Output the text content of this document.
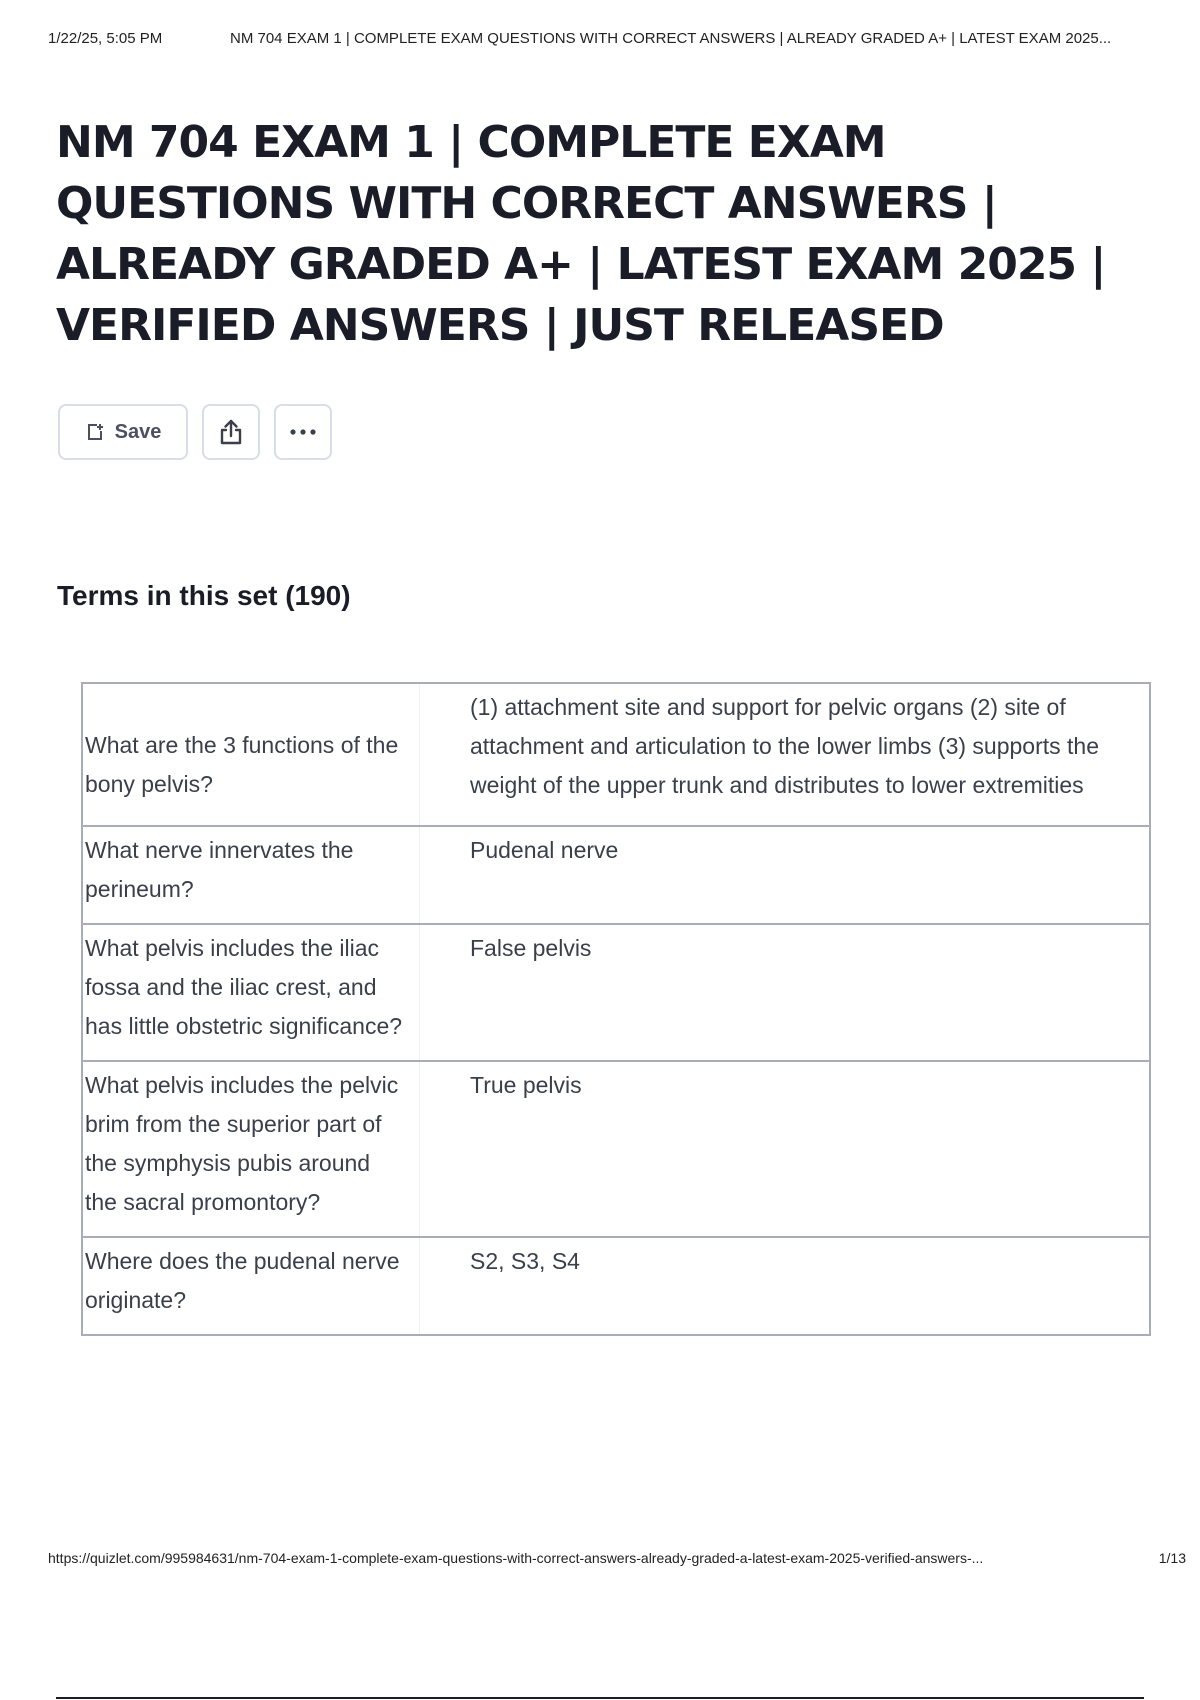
1/22/25, 5:05 PM	NM 704 EXAM 1 | COMPLETE EXAM QUESTIONS WITH CORRECT ANSWERS | ALREADY GRADED A+ | LATEST EXAM 2025...
NM 704 EXAM 1 | COMPLETE EXAM QUESTIONS WITH CORRECT ANSWERS | ALREADY GRADED A+ | LATEST EXAM 2025 | VERIFIED ANSWERS | JUST RELEASED
Save
Terms in this set (190)
What are the 3 functions of the bony pelvis?	(1) attachment site and support for pelvic organs (2) site of attachment and articulation to the lower limbs (3) supports the weight of the upper trunk and distributes to lower extremities
What nerve innervates the perineum?	Pudenal nerve
What pelvis includes the iliac fossa and the iliac crest, and has little obstetric significance?	False pelvis
What pelvis includes the pelvic brim from the superior part of the symphysis pubis around the sacral promontory?	True pelvis
Where does the pudenal nerve originate?	S2, S3, S4
https://quizlet.com/995984631/nm-704-exam-1-complete-exam-questions-with-correct-answers-already-graded-a-latest-exam-2025-verified-answers-...	1/13
